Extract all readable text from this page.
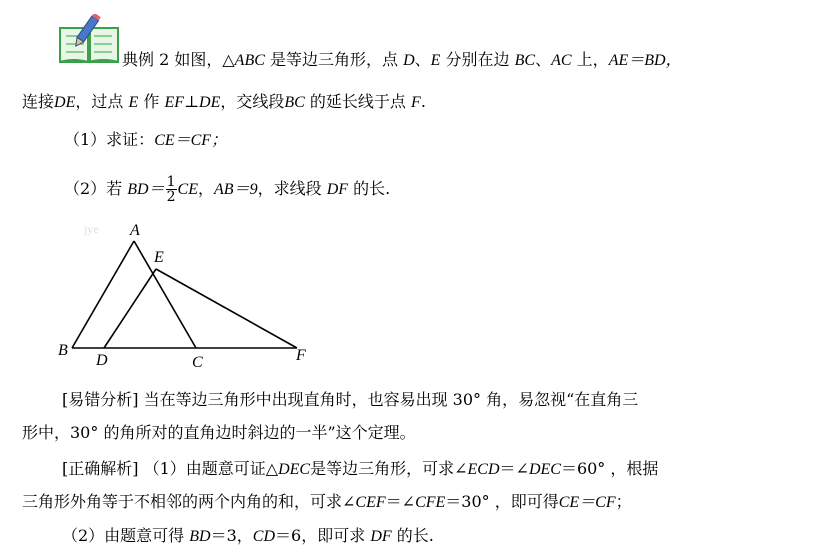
典例 2 如图，△ABC 是等边三角形，点 D、E 分别在边 BC、AC 上，AE＝BD，
连接DE，过点 E 作 EF⊥DE，交线段BC 的延长线于点 F.
（1）求证：CE＝CF；
（2）若 $BD= \frac{1}{2}$ CE，AB＝9，求线段 DF 的长.
jye A
E
B
D	C	F
[易错分析] 当在等边三角形中出现直角时，也容易出现 30° 角，易忽视“在直角三
形中，30° 的角所对的直角边时斜边的一半”这个定理。
[正确解析] （1）由题意可证△DEC是等边三角形，可求∠ECD＝∠DEC＝60° ，根据
三角形外角等于不相邻的两个内角的和，可求∠CEF＝∠CFE＝30° ，即可得CE＝CF；
（2）由题意可得 BD＝3，CD＝6，即可求 DF 的长.
